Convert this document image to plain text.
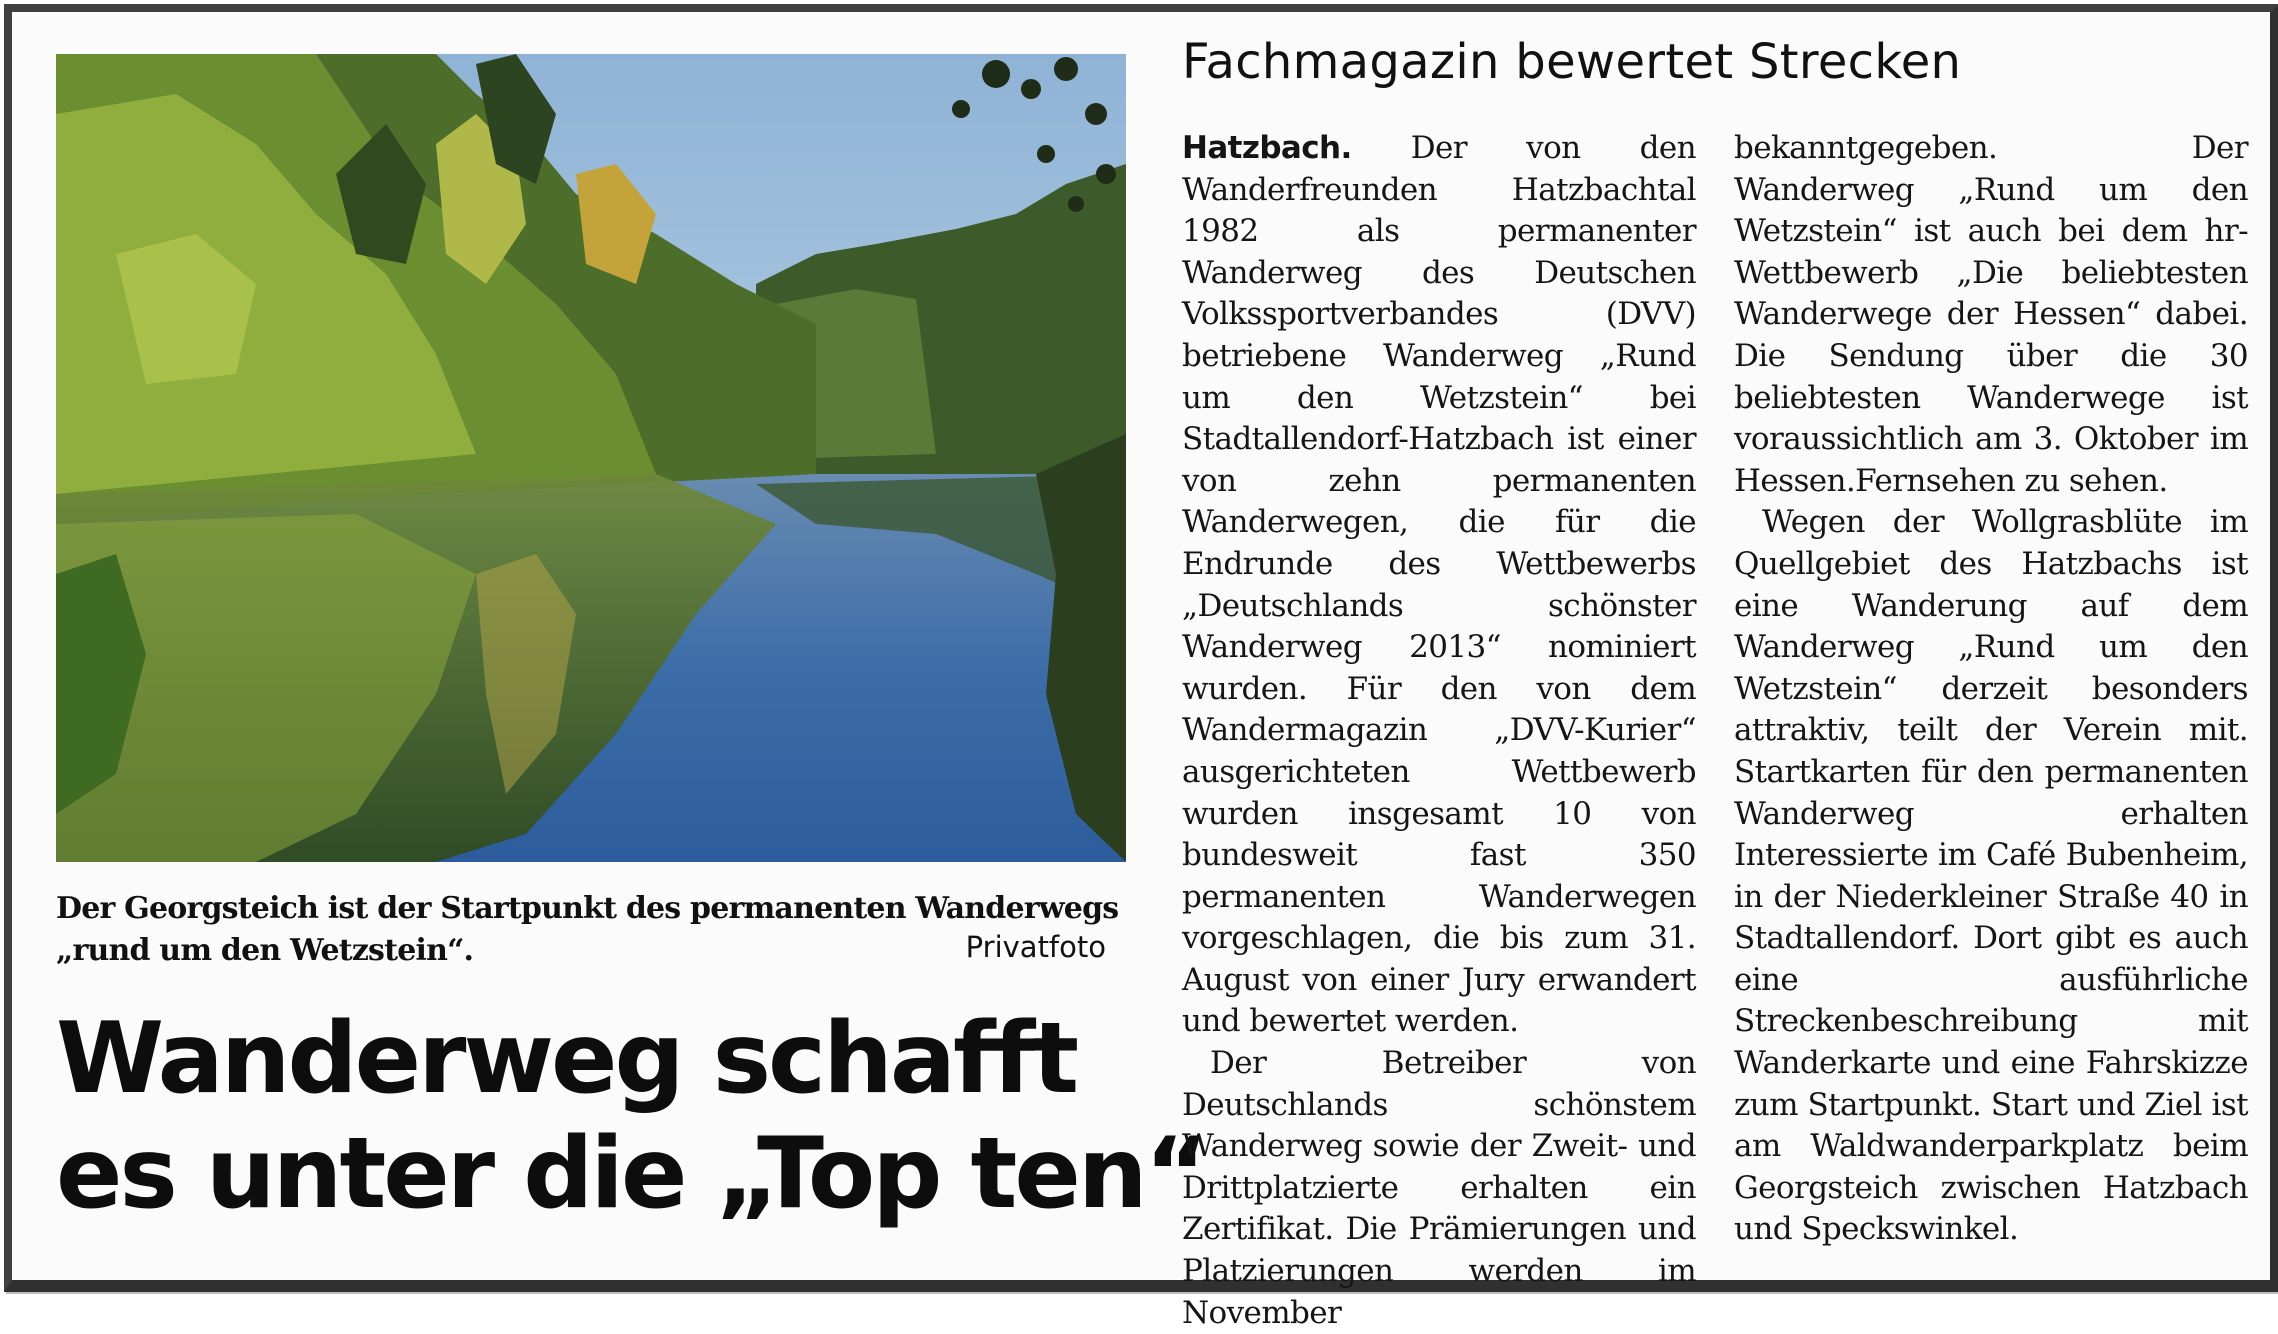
Der Georgsteich ist der Startpunkt des permanenten Wanderwegs
„rund um den Wetzstein“.	Privatfoto
Wanderweg schafft
es unter die „Top ten“
Fachmagazin bewertet Strecken

Hatzbach. Der von den Wanderfreunden Hatzbachtal 1982 als permanenter Wanderweg des Deutschen Volkssportverbandes (DVV) betriebene Wanderweg „Rund um den Wetzstein“ bei Stadtallendorf-Hatzbach ist einer von zehn permanenten Wanderwegen, die für die Endrunde des Wettbewerbs „Deutschlands schönster Wanderweg 2013“ nominiert wurden. Für den von dem Wandermagazin „DVV-Kurier“ ausgerichteten Wettbewerb wurden insgesamt 10 von bundesweit fast 350 permanenten Wanderwegen vorgeschlagen, die bis zum 31. August von einer Jury erwandert und bewertet werden.

Der Betreiber von Deutschlands schönstem Wanderweg sowie der Zweit- und Drittplatzierte erhalten ein Zertifikat. Die Prämierungen und Platzierungen werden im November

bekanntgegeben. Der Wanderweg „Rund um den Wetzstein“ ist auch bei dem hr-Wettbewerb „Die beliebtesten Wanderwege der Hessen“ dabei. Die Sendung über die 30 beliebtesten Wanderwege ist voraussichtlich am 3. Oktober im Hessen.Fernsehen zu sehen.

Wegen der Wollgrasblüte im Quellgebiet des Hatzbachs ist eine Wanderung auf dem Wanderweg „Rund um den Wetzstein“ derzeit besonders attraktiv, teilt der Verein mit. Startkarten für den permanenten Wanderweg erhalten Interessierte im Café Bubenheim, in der Niederkleiner Straße 40 in Stadtallendorf. Dort gibt es auch eine ausführliche Streckenbeschreibung mit Wanderkarte und eine Fahrskizze zum Startpunkt. Start und Ziel ist am Waldwanderparkplatz beim Georgsteich zwischen Hatzbach und Speckswinkel.
